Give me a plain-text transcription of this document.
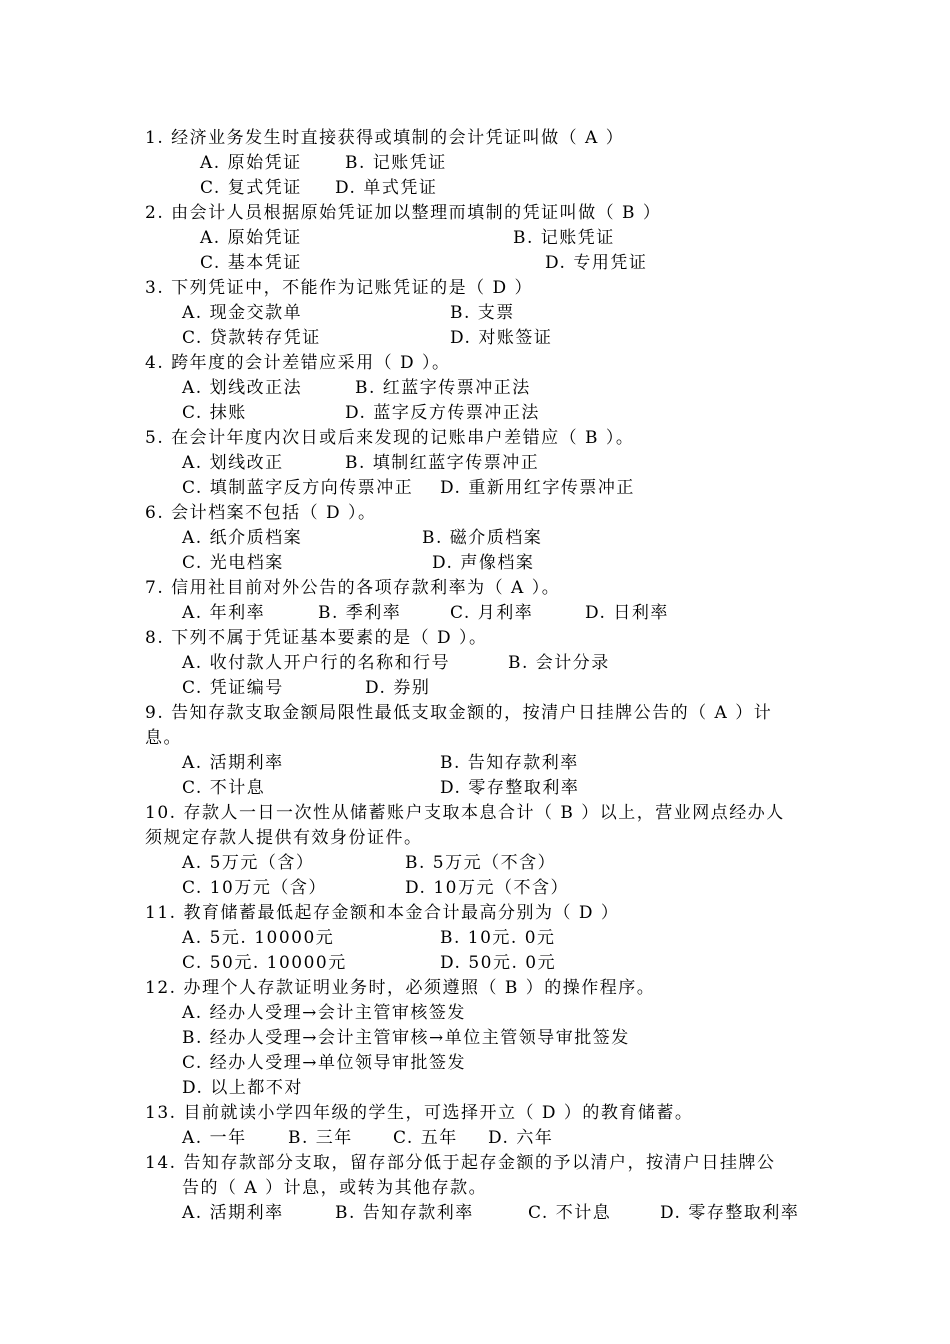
1. 经济业务发生时直接获得或填制的会计凭证叫做（ A ）
A. 原始凭证	B. 记账凭证
C. 复式凭证 D. 单式凭证
2. 由会计人员根据原始凭证加以整理而填制的凭证叫做（ B ）
A. 原始凭证	B. 记账凭证
C. 基本凭证	D. 专用凭证
3. 下列凭证中，不能作为记账凭证的是（ D ）
A. 现金交款单	B. 支票
C. 贷款转存凭证	D. 对账签证
4. 跨年度的会计差错应采用（ D ）。
A. 划线改正法	B. 红蓝字传票冲正法
C. 抹账	D. 蓝字反方传票冲正法
5. 在会计年度内次日或后来发现的记账串户差错应（ B ）。
A. 划线改正	B. 填制红蓝字传票冲正
C. 填制蓝字反方向传票冲正 D. 重新用红字传票冲正
6. 会计档案不包括（ D ）。
A. 纸介质档案	B. 磁介质档案
C. 光电档案	D. 声像档案
7. 信用社目前对外公告的各项存款利率为（ A ）。
A. 年利率	B. 季利率	C. 月利率	D. 日利率
8. 下列不属于凭证基本要素的是（ D ）。
A. 收付款人开户行的名称和行号	B. 会计分录
C. 凭证编号	D. 券别
9. 告知存款支取金额局限性最低支取金额的，按清户日挂牌公告的（ A ）计
息。
A. 活期利率	B. 告知存款利率
C. 不计息	D. 零存整取利率
10. 存款人一日一次性从储蓄账户支取本息合计（ B ）以上，营业网点经办人
须规定存款人提供有效身份证件。
A. 5万元（含）	B. 5万元（不含）
C. 10万元（含）	D. 10万元（不含）
11. 教育储蓄最低起存金额和本金合计最高分别为（ D ）
A. 5元. 10000元	B. 10元. 0元
C. 50元. 10000元	D. 50元. 0元
12. 办理个人存款证明业务时，必须遵照（ B ）的操作程序。
A. 经办人受理→会计主管审核签发
B. 经办人受理→会计主管审核→单位主管领导审批签发
C. 经办人受理→单位领导审批签发
D. 以上都不对
13. 目前就读小学四年级的学生，可选择开立（ D ）的教育储蓄。
A. 一年 B. 三年 C. 五年 D. 六年
14. 告知存款部分支取，留存部分低于起存金额的予以清户，按清户日挂牌公
告的（ A ）计息，或转为其他存款。
A. 活期利率	B. 告知存款利率	C. 不计息	D. 零存整取利率
